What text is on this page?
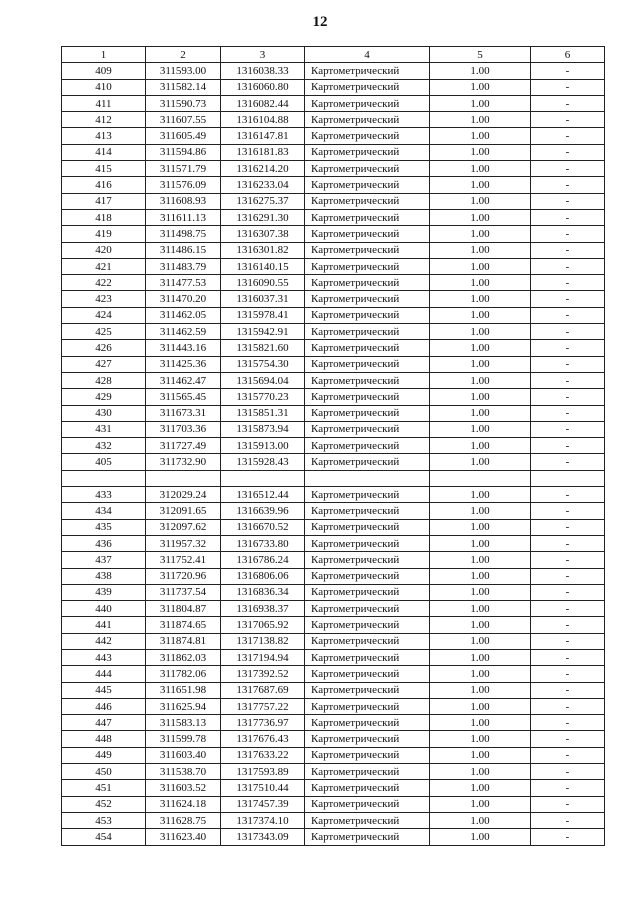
12
1	2	3	4	5	6
409	311593.00	1316038.33	Картометрический	1.00	-
410	311582.14	1316060.80	Картометрический	1.00	-
411	311590.73	1316082.44	Картометрический	1.00	-
412	311607.55	1316104.88	Картометрический	1.00	-
413	311605.49	1316147.81	Картометрический	1.00	-
414	311594.86	1316181.83	Картометрический	1.00	-
415	311571.79	1316214.20	Картометрический	1.00	-
416	311576.09	1316233.04	Картометрический	1.00	-
417	311608.93	1316275.37	Картометрический	1.00	-
418	311611.13	1316291.30	Картометрический	1.00	-
419	311498.75	1316307.38	Картометрический	1.00	-
420	311486.15	1316301.82	Картометрический	1.00	-
421	311483.79	1316140.15	Картометрический	1.00	-
422	311477.53	1316090.55	Картометрический	1.00	-
423	311470.20	1316037.31	Картометрический	1.00	-
424	311462.05	1315978.41	Картометрический	1.00	-
425	311462.59	1315942.91	Картометрический	1.00	-
426	311443.16	1315821.60	Картометрический	1.00	-
427	311425.36	1315754.30	Картометрический	1.00	-
428	311462.47	1315694.04	Картометрический	1.00	-
429	311565.45	1315770.23	Картометрический	1.00	-
430	311673.31	1315851.31	Картометрический	1.00	-
431	311703.36	1315873.94	Картометрический	1.00	-
432	311727.49	1315913.00	Картометрический	1.00	-
405	311732.90	1315928.43	Картометрический	1.00	-

433	312029.24	1316512.44	Картометрический	1.00	-
434	312091.65	1316639.96	Картометрический	1.00	-
435	312097.62	1316670.52	Картометрический	1.00	-
436	311957.32	1316733.80	Картометрический	1.00	-
437	311752.41	1316786.24	Картометрический	1.00	-
438	311720.96	1316806.06	Картометрический	1.00	-
439	311737.54	1316836.34	Картометрический	1.00	-
440	311804.87	1316938.37	Картометрический	1.00	-
441	311874.65	1317065.92	Картометрический	1.00	-
442	311874.81	1317138.82	Картометрический	1.00	-
443	311862.03	1317194.94	Картометрический	1.00	-
444	311782.06	1317392.52	Картометрический	1.00	-
445	311651.98	1317687.69	Картометрический	1.00	-
446	311625.94	1317757.22	Картометрический	1.00	-
447	311583.13	1317736.97	Картометрический	1.00	-
448	311599.78	1317676.43	Картометрический	1.00	-
449	311603.40	1317633.22	Картометрический	1.00	-
450	311538.70	1317593.89	Картометрический	1.00	-
451	311603.52	1317510.44	Картометрический	1.00	-
452	311624.18	1317457.39	Картометрический	1.00	-
453	311628.75	1317374.10	Картометрический	1.00	-
454	311623.40	1317343.09	Картометрический	1.00	-
